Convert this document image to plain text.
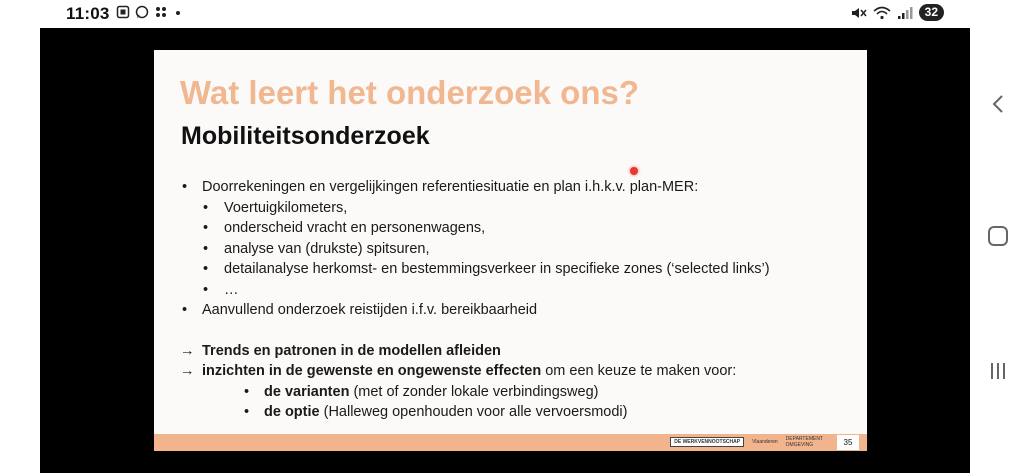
11:03	32
Wat leert het onderzoek ons?
Mobiliteitsonderzoek
• Doorrekeningen en vergelijkingen referentiesituatie en plan i.h.k.v. plan-MER:
• Voertuigkilometers,
• onderscheid vracht en personenwagens,
• analyse van (drukste) spitsuren,
• detailanalyse herkomst- en bestemmingsverkeer in specifieke zones (‘selected links’)
• …
• Aanvullend onderzoek reistijden i.f.v. bereikbaarheid
→ Trends en patronen in de modellen afleiden
→ inzichten in de gewenste en ongewenste effecten om een keuze te maken voor:
• de varianten (met of zonder lokale verbindingsweg)
• de optie (Halleweg openhouden voor alle vervoersmodi)
DE WERKVENNOOTSCHAP	Vlaanderen DEPARTEMENT
OMGEVING	35
